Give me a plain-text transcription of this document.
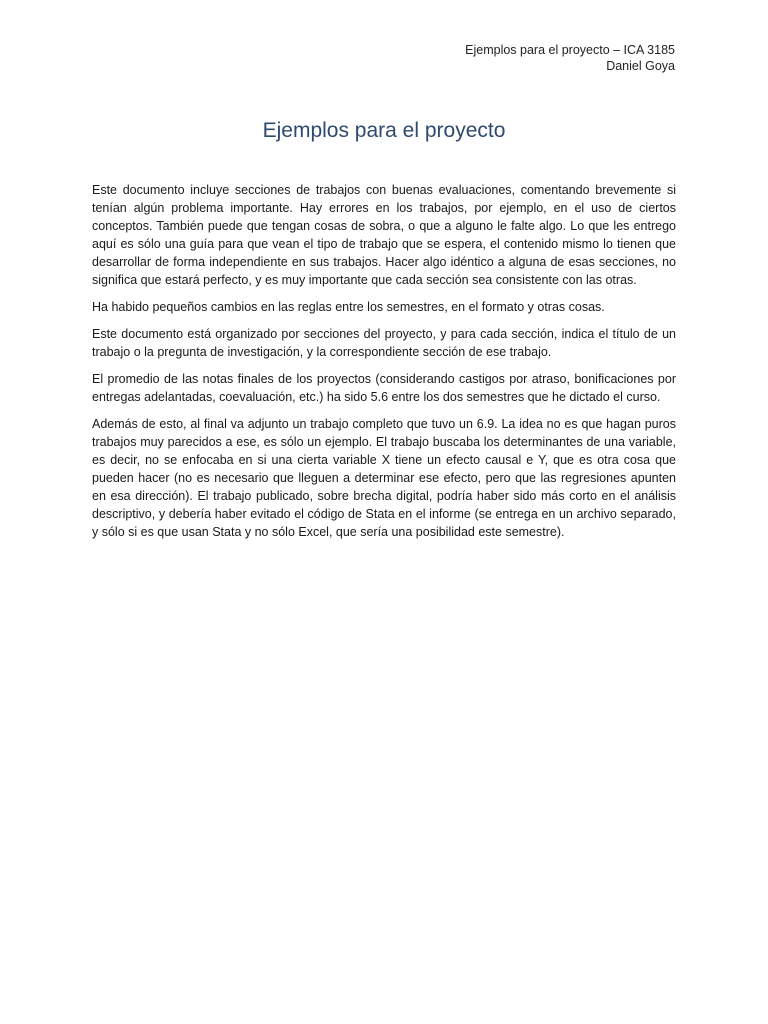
Ejemplos para el proyecto – ICA 3185
Daniel Goya
Ejemplos para el proyecto

Este documento incluye secciones de trabajos con buenas evaluaciones, comentando brevemente si tenían algún problema importante. Hay errores en los trabajos, por ejemplo, en el uso de ciertos conceptos. También puede que tengan cosas de sobra, o que a alguno le falte algo. Lo que les entrego aquí es sólo una guía para que vean el tipo de trabajo que se espera, el contenido mismo lo tienen que desarrollar de forma independiente en sus trabajos. Hacer algo idéntico a alguna de esas secciones, no significa que estará perfecto, y es muy importante que cada sección sea consistente con las otras.

Ha habido pequeños cambios en las reglas entre los semestres, en el formato y otras cosas.

Este documento está organizado por secciones del proyecto, y para cada sección, indica el título de un trabajo o la pregunta de investigación, y la correspondiente sección de ese trabajo.

El promedio de las notas finales de los proyectos (considerando castigos por atraso, bonificaciones por entregas adelantadas, coevaluación, etc.) ha sido 5.6 entre los dos semestres que he dictado el curso.

Además de esto, al final va adjunto un trabajo completo que tuvo un 6.9. La idea no es que hagan puros trabajos muy parecidos a ese, es sólo un ejemplo. El trabajo buscaba los determinantes de una variable, es decir, no se enfocaba en si una cierta variable X tiene un efecto causal e Y, que es otra cosa que pueden hacer (no es necesario que lleguen a determinar ese efecto, pero que las regresiones apunten en esa dirección). El trabajo publicado, sobre brecha digital, podría haber sido más corto en el análisis descriptivo, y debería haber evitado el código de Stata en el informe (se entrega en un archivo separado, y sólo si es que usan Stata y no sólo Excel, que sería una posibilidad este semestre).
